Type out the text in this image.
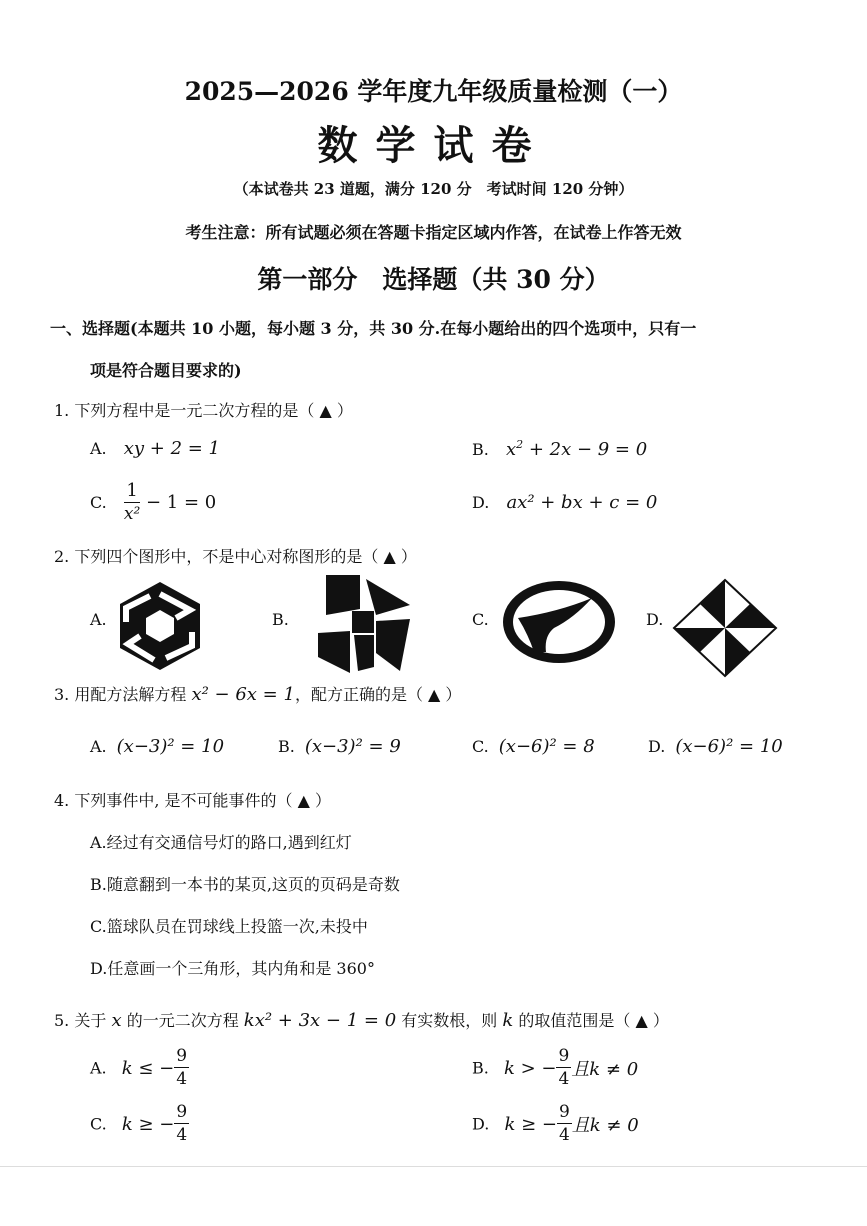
2025—2026 学年度九年级质量检测（一）
数学试卷
（本试卷共 23 道题，满分 120 分　考试时间 120 分钟）
考生注意：所有试题必须在答题卡指定区域内作答，在试卷上作答无效
第一部分　选择题（共 30 分）
一、选择题(本题共 10 小题，每小题 3 分，共 30 分.在每小题给出的四个选项中，只有一
项是符合题目要求的)
1. 下列方程中是一元二次方程的是（ ▲ ）
A. xy + 2 = 1	B. $x^2 + 2x - 9 = 0$
C. $\frac{1}{\text{x²}} - 1 = 0$	D. ax² + bx + c = 0
2. 下列四个图形中，不是中心对称图形的是（ ▲ ）
A.	B.	C.	D.
3. 用配方法解方程 x² − 6x = 1，配方正确的是（ ▲ ）
A. (x−3)² = 10	B. (x−3)² = 9	C. (x−6)² = 8	D. (x−6)² = 10
4. 下列事件中, 是不可能事件的（ ▲ ）
A.经过有交通信号灯的路口,遇到红灯
B.随意翻到一本书的某页,这页的页码是奇数
C.篮球队员在罚球线上投篮一次,未投中
D.任意画一个三角形，其内角和是 360°
5. 关于 x 的一元二次方程 kx² + 3x − 1 = 0 有实数根，则 k 的取值范围是（ ▲ ）
A. k ≤ − $\frac{9}{4}$	B. k > − $\frac{9}{4}$ 且k ≠ 0
C. k ≥ − $\frac{9}{4}$	D. k ≥ − $\frac{9}{4}$ 且k ≠ 0
